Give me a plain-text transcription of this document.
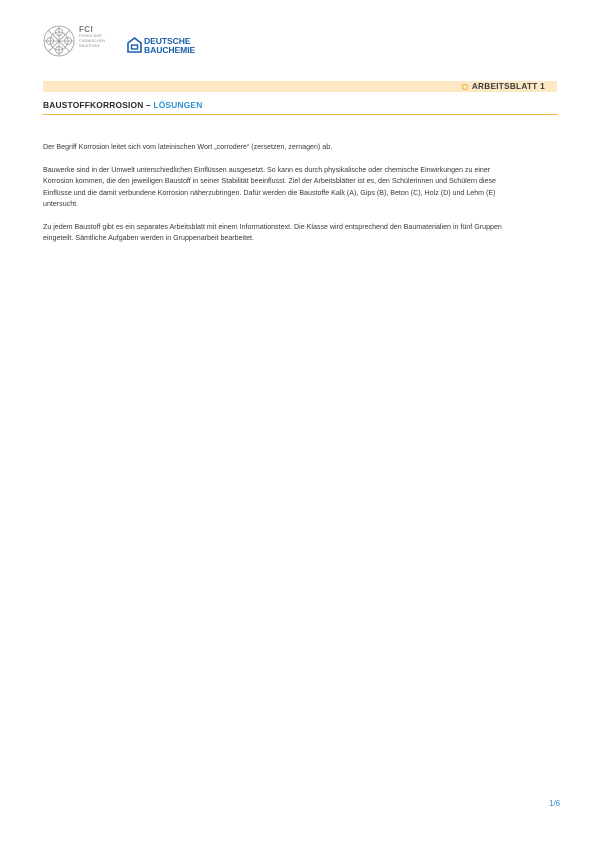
FCI
FONDS DER
CHEMISCHEN
INDUSTRIE	DEUTSCHE
BAUCHEMIE
ARBEITSBLATT 1
BAUSTOFFKORROSION – LÖSUNGEN

Der Begriff Korrosion leitet sich vom lateinischen Wort „corrodere“ (zersetzen, zernagen) ab.

Bauwerke sind in der Umwelt unterschiedlichen Einflüssen ausgesetzt. So kann es durch physikalische oder chemische Einwirkungen zu einer Korrosion kommen, die den jeweiligen Baustoff in seiner Stabilität beeinflusst. Ziel der Arbeitsblätter ist es, den Schülerinnen und Schülern diese Einflüsse und die damit verbundene Korrosion näherzubringen. Dafür werden die Baustoffe Kalk (A), Gips (B), Beton (C), Holz (D) und Lehm (E) untersucht.

Zu jedem Baustoff gibt es ein separates Arbeitsblatt mit einem Informationstext. Die Klasse wird entsprechend den Baumaterialien in fünf Gruppen eingeteilt. Sämtliche Aufgaben werden in Gruppenarbeit bearbeitet.

1/6
